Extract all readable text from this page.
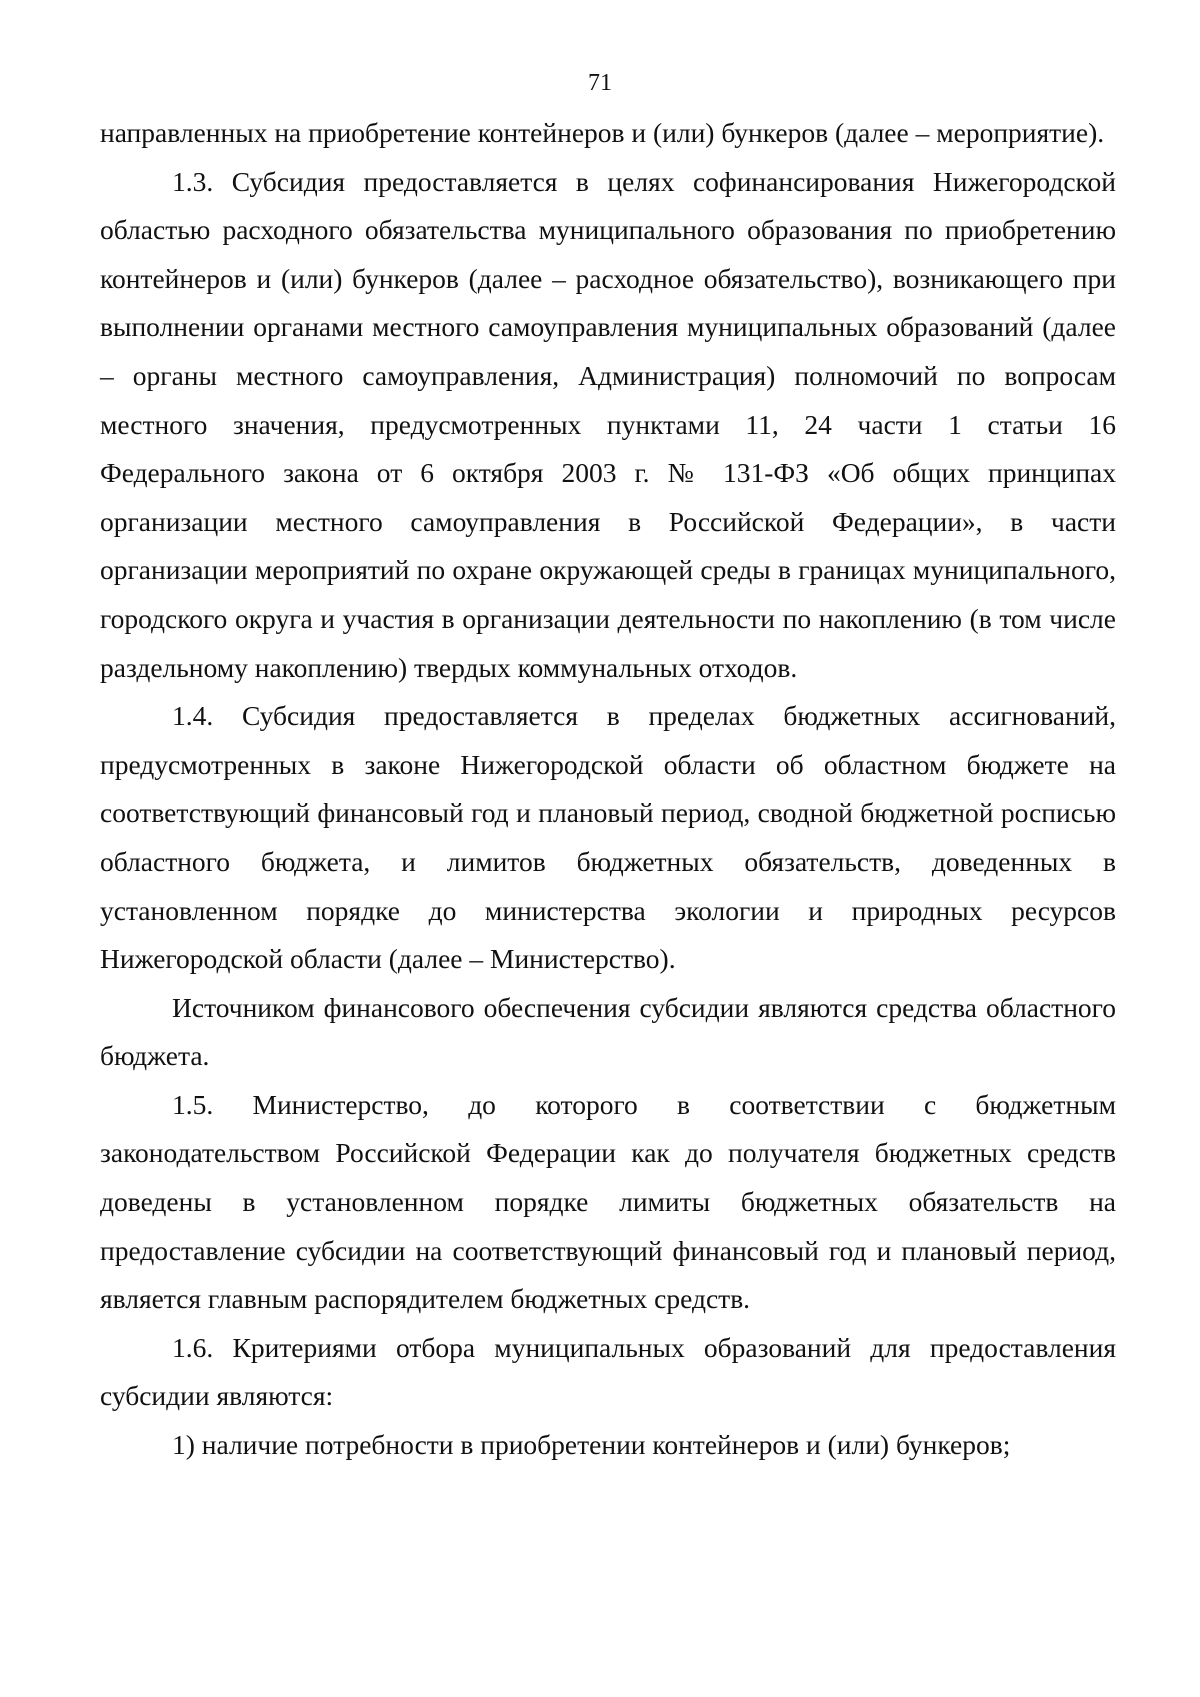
71

направленных на приобретение контейнеров и (или) бункеров (далее – мероприятие).

1.3. Субсидия предоставляется в целях софинансирования Нижегородской областью расходного обязательства муниципального образования по приобретению контейнеров и (или) бункеров (далее – расходное обязательство), возникающего при выполнении органами местного самоуправления муниципальных образований (далее – органы местного самоуправления, Администрация) полномочий по вопросам местного значения, предусмотренных пунктами 11, 24 части 1 статьи 16 Федерального закона от 6 октября 2003 г. № 131-ФЗ «Об общих принципах организации местного самоуправления в Российской Федерации», в части организации мероприятий по охране окружающей среды в границах муниципального, городского округа и участия в организации деятельности по накоплению (в том числе раздельному накоплению) твердых коммунальных отходов.

1.4. Субсидия предоставляется в пределах бюджетных ассигнований, предусмотренных в законе Нижегородской области об областном бюджете на соответствующий финансовый год и плановый период, сводной бюджетной росписью областного бюджета, и лимитов бюджетных обязательств, доведенных в установленном порядке до министерства экологии и природных ресурсов Нижегородской области (далее – Министерство).

Источником финансового обеспечения субсидии являются средства областного бюджета.

1.5. Министерство, до которого в соответствии с бюджетным законодательством Российской Федерации как до получателя бюджетных средств доведены в установленном порядке лимиты бюджетных обязательств на предоставление субсидии на соответствующий финансовый год и плановый период, является главным распорядителем бюджетных средств.

1.6. Критериями отбора муниципальных образований для предоставления субсидии являются:

1) наличие потребности в приобретении контейнеров и (или) бункеров;
